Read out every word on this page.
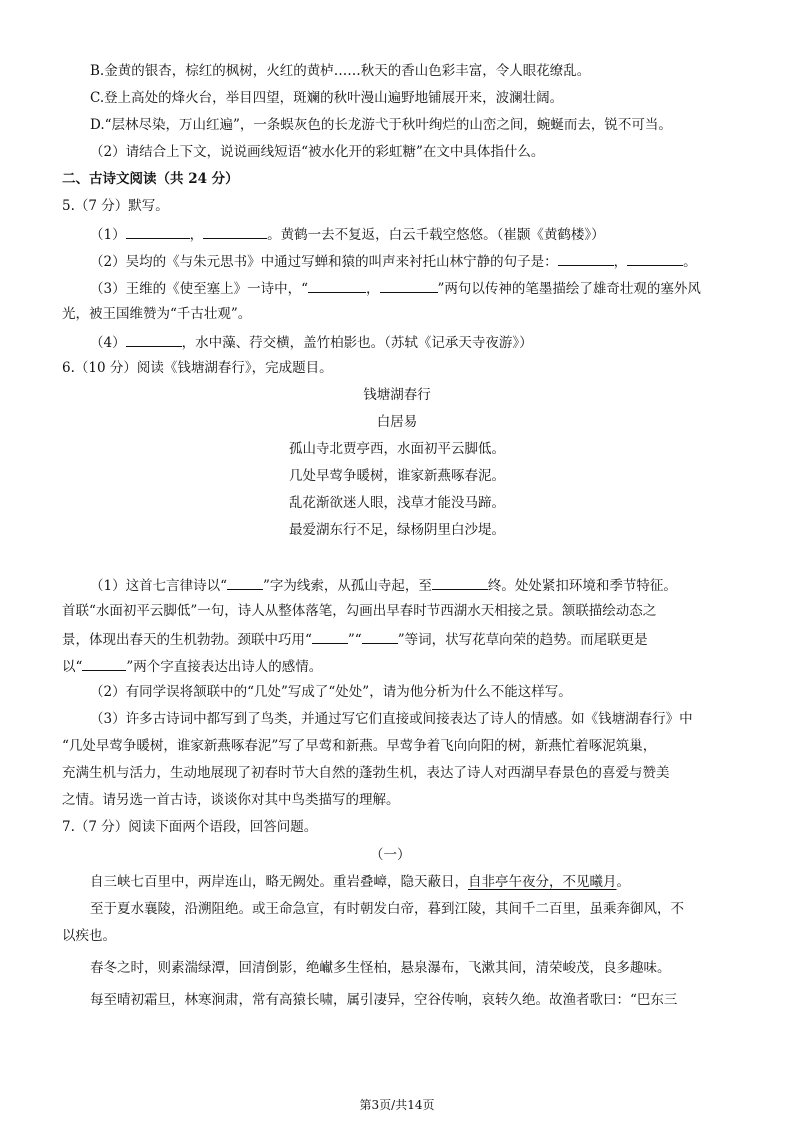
B.金黄的银杏，棕红的枫树，火红的黄栌……秋天的香山色彩丰富，令人眼花缭乱。
C.登上高处的烽火台，举目四望，斑斓的秋叶漫山遍野地铺展开来，波澜壮阔。
D.“层林尽染，万山红遍”，一条蜈灰色的长龙游弋于秋叶绚烂的山峦之间，蜿蜒而去，锐不可当。
（2）请结合上下文，说说画线短语“被水化开的彩虹糖”在文中具体指什么。
二、古诗文阅读（共 24 分）
5.（7 分）默写。
（1）	，	。黄鹤一去不复返，白云千载空悠悠。（崔颢《黄鹤楼》）
（2）吴均的《与朱元思书》中通过写蝉和猿的叫声来衬托山林宁静的句子是：	，	。
（3）王维的《使至塞上》一诗中，“	，	”两句以传神的笔墨描绘了雄奇壮观的塞外风
光，被王国维赞为“千古壮观”。
（4）	，水中藻、荇交横，盖竹柏影也。（苏轼《记承天寺夜游》）
6.（10 分）阅读《钱塘湖春行》，完成题目。
钱塘湖春行
白居易
孤山寺北贾亭西，水面初平云脚低。
几处早莺争暖树，谁家新燕啄春泥。
乱花渐欲迷人眼，浅草才能没马蹄。
最爱湖东行不足，绿杨阴里白沙堤。
（1）这首七言律诗以“	”字为线索，从孤山寺起，至	终。处处紧扣环境和季节特征。
首联“水面初平云脚低”一句，诗人从整体落笔，勾画出早春时节西湖水天相接之景。颔联描绘动态之
景，体现出春天的生机勃勃。颈联中巧用“	”“	”等词，状写花草向荣的趋势。而尾联更是
以“	”两个字直接表达出诗人的感情。
（2）有同学误将颔联中的“几处”写成了“处处”，请为他分析为什么不能这样写。
（3）许多古诗词中都写到了鸟类，并通过写它们直接或间接表达了诗人的情感。如《钱塘湖春行》中
“几处早莺争暖树，谁家新燕啄春泥”写了早莺和新燕。早莺争着飞向向阳的树，新燕忙着啄泥筑巢，
充满生机与活力，生动地展现了初春时节大自然的蓬勃生机，表达了诗人对西湖早春景色的喜爱与赞美
之情。请另选一首古诗，谈谈你对其中鸟类描写的理解。
7.（7 分）阅读下面两个语段，回答问题。
（一）
自三峡七百里中，两岸连山，略无阙处。重岩叠嶂，隐天蔽日，自非亭午夜分，不见曦月。
至于夏水襄陵，沿溯阻绝。或王命急宣，有时朝发白帝，暮到江陵，其间千二百里，虽乘奔御风，不
以疾也。
春冬之时，则素湍绿潭，回清倒影，绝𪩘多生怪柏，悬泉瀑布，飞漱其间，清荣峻茂，良多趣味。
每至晴初霜旦，林寒涧肃，常有高猿长啸，属引凄异，空谷传响，哀转久绝。故渔者歌曰：“巴东三
第3页/共14页
